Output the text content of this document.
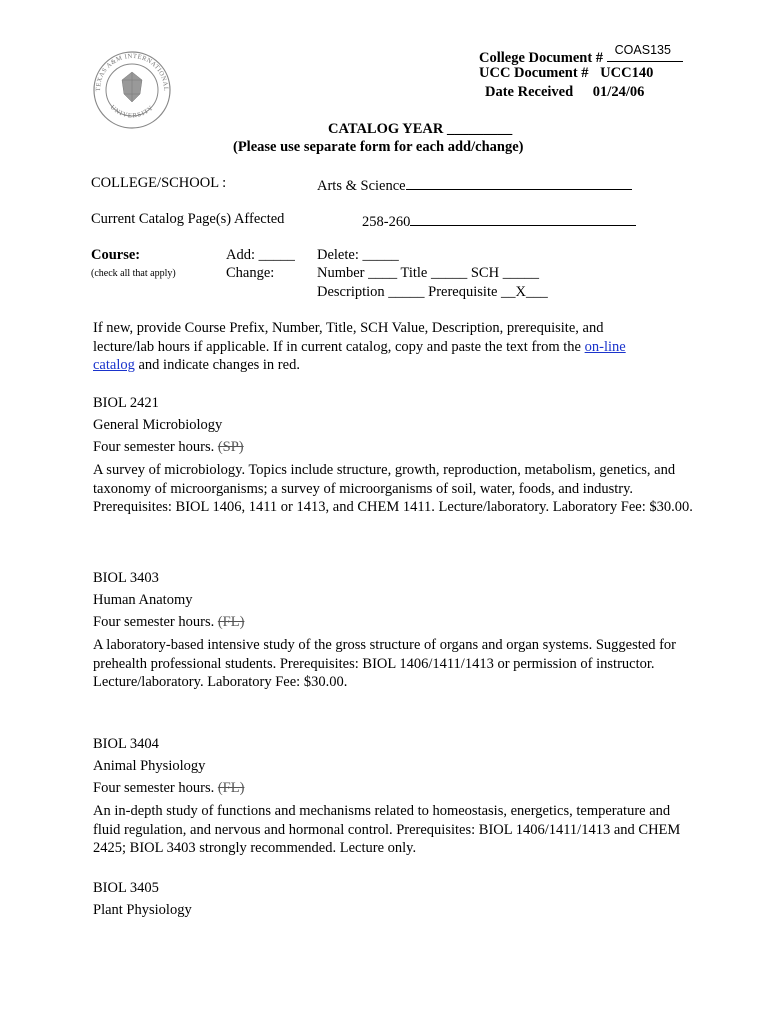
TEXAS A&M INTERNATIONAL
UNIVERSITY
College Document # COAS135
UCC Document # UCC140
Date Received 01/24/06
CATALOG YEAR _________
(Please use separate form for each add/change)
COLLEGE/SCHOOL :	Arts & Science
Current Catalog Page(s) Affected	258-260
Course:
(check all that apply)
Add: _____
Change:
Delete: _____
Number ____ Title _____ SCH _____
Description _____ Prerequisite __X___
If new, provide Course Prefix, Number, Title, SCH Value, Description, prerequisite, and lecture/lab hours if applicable. If in current catalog, copy and paste the text from the on-line catalog and indicate changes in red.
BIOL 2421
General Microbiology
Four semester hours. (SP)
A survey of microbiology. Topics include structure, growth, reproduction, metabolism, genetics, and taxonomy of microorganisms; a survey of microorganisms of soil, water, foods, and industry. Prerequisites: BIOL 1406, 1411 or 1413, and CHEM 1411. Lecture/laboratory. Laboratory Fee: $30.00.
BIOL 3403
Human Anatomy
Four semester hours. (FL)
A laboratory-based intensive study of the gross structure of organs and organ systems. Suggested for prehealth professional students. Prerequisites: BIOL 1406/1411/1413 or permission of instructor. Lecture/laboratory. Laboratory Fee: $30.00.
BIOL 3404
Animal Physiology
Four semester hours. (FL)
An in-depth study of functions and mechanisms related to homeostasis, energetics, temperature and fluid regulation, and nervous and hormonal control. Prerequisites: BIOL 1406/1411/1413 and CHEM 2425; BIOL 3403 strongly recommended. Lecture only.
BIOL 3405
Plant Physiology
